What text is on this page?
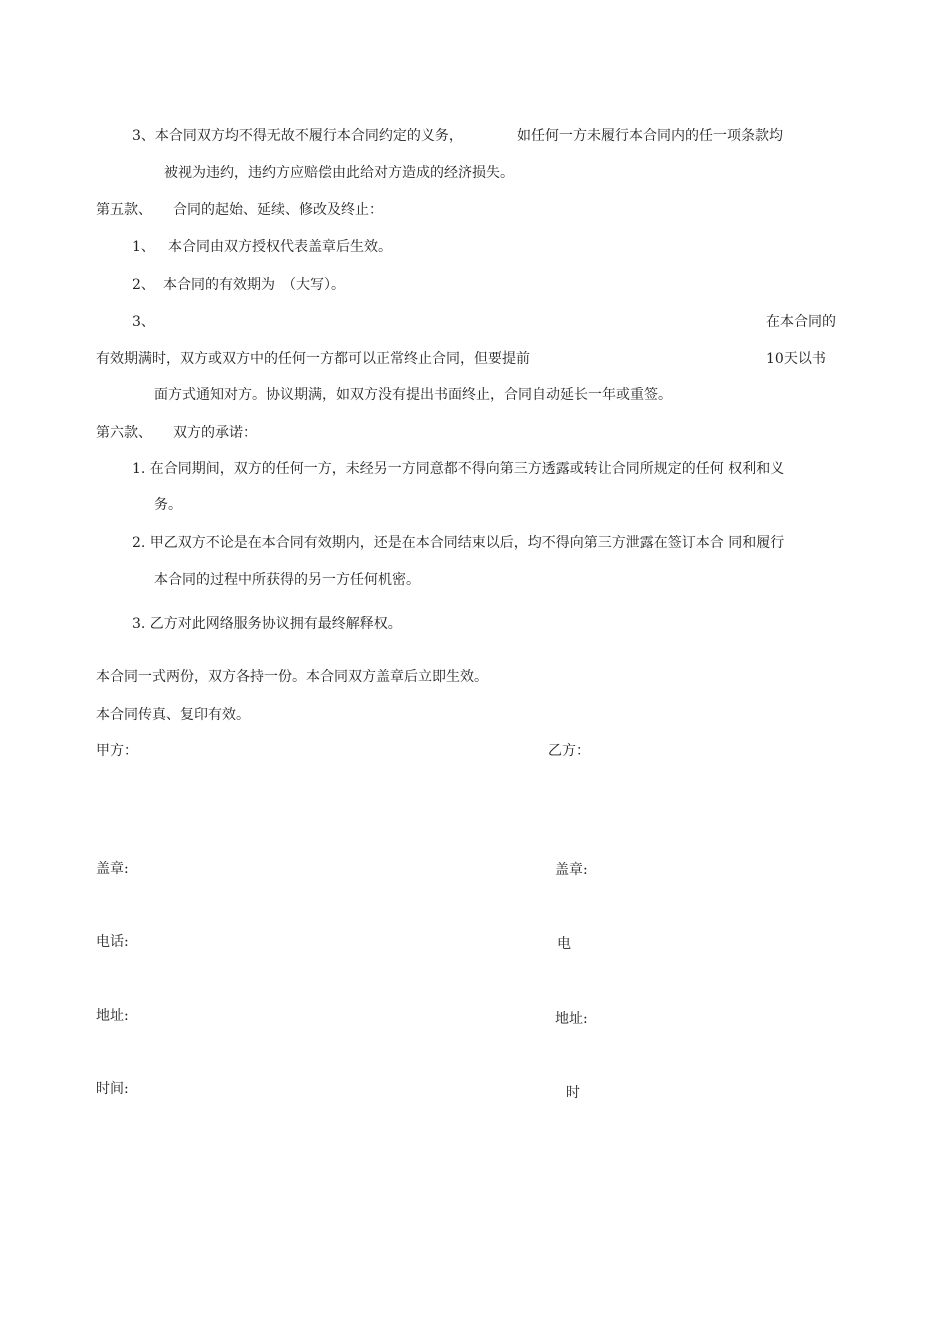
3、本合同双方均不得无故不履行本合同约定的义务，	如任何一方未履行本合同内的任一项条款均
被视为违约，违约方应赔偿由此给对方造成的经济损失。
第五款、 合同的起始、延续、修改及终止：
1、 本合同由双方授权代表盖章后生效。
2、 本合同的有效期为　（大写）。
3、	在本合同的
有效期满时，双方或双方中的任何一方都可以正常终止合同，但要提前	10天以书
面方式通知对方。协议期满，如双方没有提出书面终止，合同自动延长一年或重签。
第六款、 双方的承诺：
1. 在合同期间，双方的任何一方，未经另一方同意都不得向第三方透露或转让合同所规定的任何 权利和义
务。
2. 甲乙双方不论是在本合同有效期内，还是在本合同结束以后，均不得向第三方泄露在签订本合 同和履行
本合同的过程中所获得的另一方任何机密。
3. 乙方对此网络服务协议拥有最终解释权。
本合同一式两份，双方各持一份。本合同双方盖章后立即生效。
本合同传真、复印有效。
甲方：	乙方：
盖章:	盖章:
电话:	电
地址:	地址:
时间:	时
